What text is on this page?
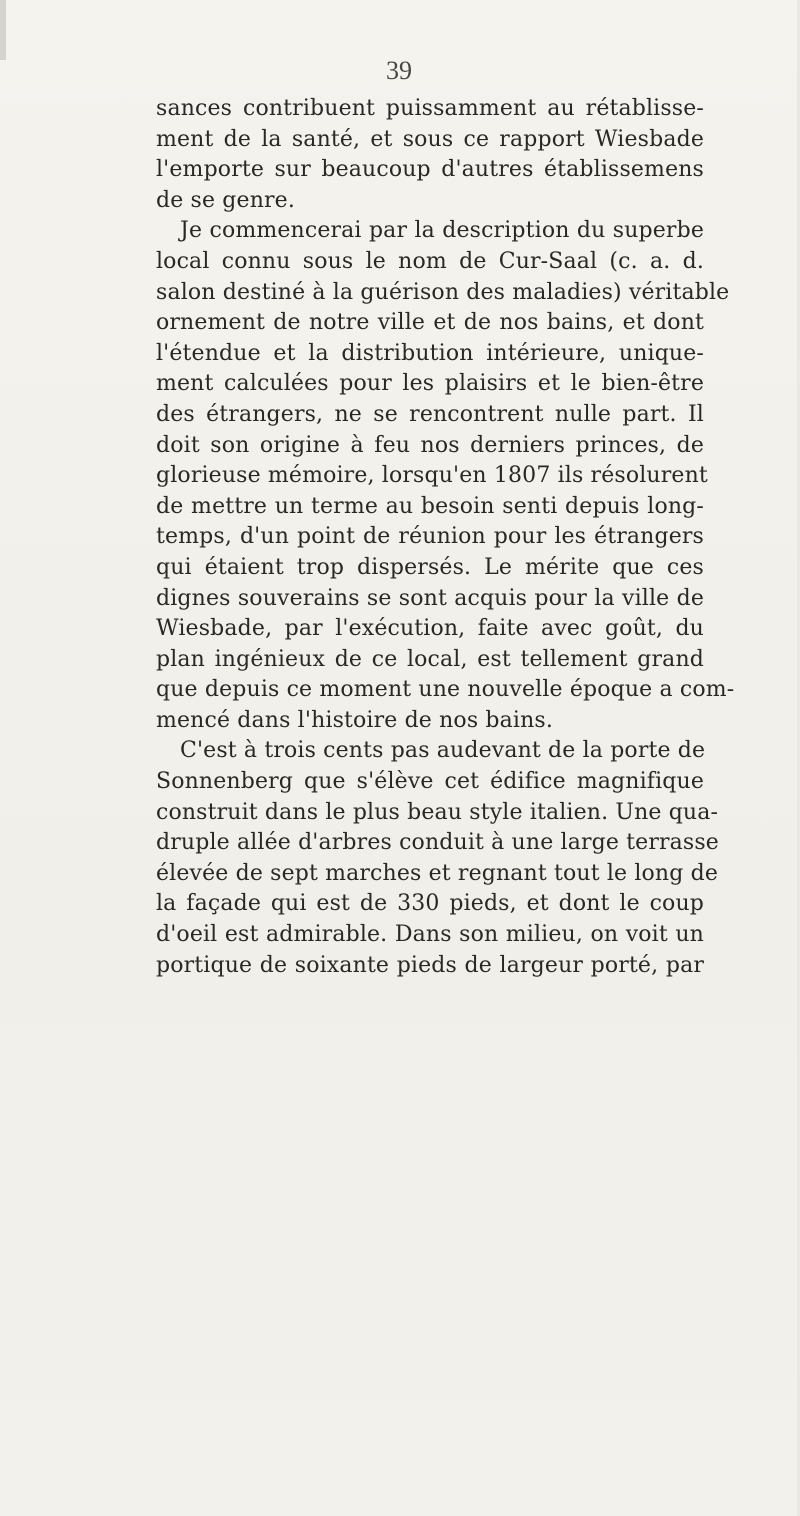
39
sances contribuent puissamment au rétablisse-
ment de la santé, et sous ce rapport Wiesbade
l'emporte sur beaucoup d'autres établissemens
de se genre.
Je commencerai par la description du superbe
local connu sous le nom de Cur-Saal (c. a. d.
salon destiné à la guérison des maladies) véritable
ornement de notre ville et de nos bains, et dont
l'étendue et la distribution intérieure, unique-
ment calculées pour les plaisirs et le bien-être
des étrangers, ne se rencontrent nulle part. Il
doit son origine à feu nos derniers princes, de
glorieuse mémoire, lorsqu'en 1807 ils résolurent
de mettre un terme au besoin senti depuis long-
temps, d'un point de réunion pour les étrangers
qui étaient trop dispersés. Le mérite que ces
dignes souverains se sont acquis pour la ville de
Wiesbade, par l'exécution, faite avec goût, du
plan ingénieux de ce local, est tellement grand
que depuis ce moment une nouvelle époque a com-
mencé dans l'histoire de nos bains.
C'est à trois cents pas audevant de la porte de
Sonnenberg que s'élève cet édifice magnifique
construit dans le plus beau style italien. Une qua-
druple allée d'arbres conduit à une large terrasse
élevée de sept marches et regnant tout le long de
la façade qui est de 330 pieds, et dont le coup
d'oeil est admirable. Dans son milieu, on voit un
portique de soixante pieds de largeur porté, par
